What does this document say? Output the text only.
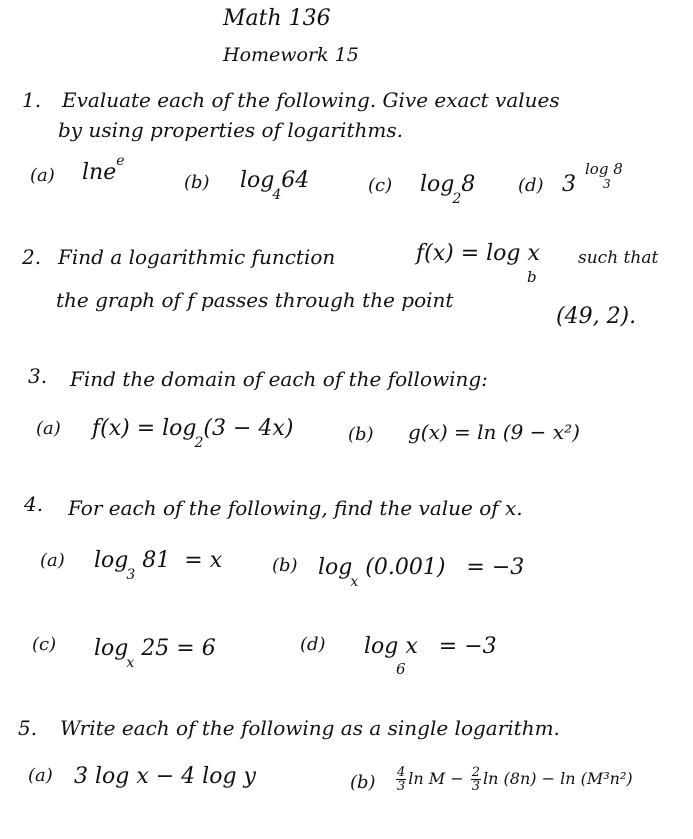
Math 136
Homework 15
1. Evaluate each of the following. Give exact values
by using properties of logarithms.
(a) lne$^e$
(b) $\log_464$	(c) $\log_28$ (d) 3
log 8
3
2. Find a logarithmic function	f(x) = log x
b
such that
the graph of f passes through the point
(49, 2).
3. Find the domain of each of the following:
(a) $f(x) = \log_2(3 - 4x)$	(b) g(x) = ln (9 − x²)
4. For each of the following, find the value of x.
(a) $\log_3 81 = x$	(b) $\log_x (0.001) = -3$
(c) $\log_x 25 = 6$	(d) log x = −3
6
5. Write each of the following as a single logarithm.
(a) 3 log x − 4 log y	$(b) \frac{4}{3}$ $\ln M - \frac{2}{3}$ ln (8n) − ln (M³n²)
